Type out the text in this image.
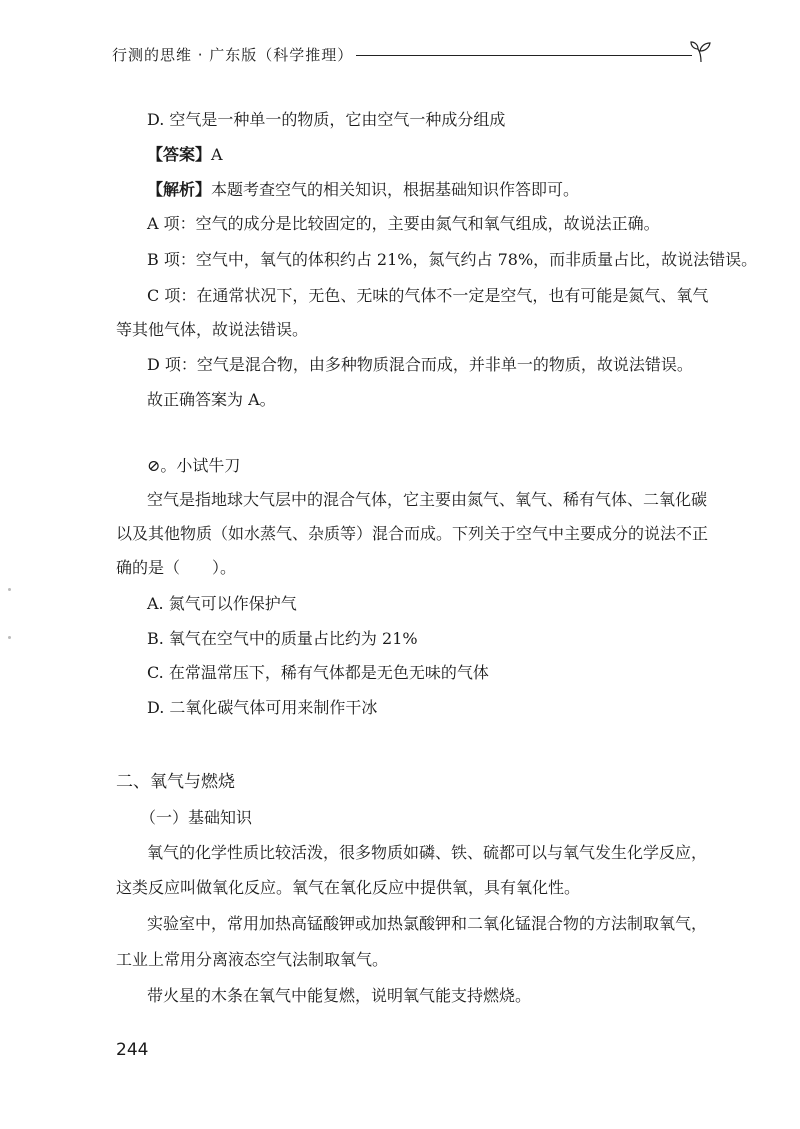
行测的思维 · 广东版（科学推理）
D. 空气是一种单一的物质，它由空气一种成分组成
【答案】A
【解析】本题考查空气的相关知识，根据基础知识作答即可。
A 项：空气的成分是比较固定的，主要由氮气和氧气组成，故说法正确。
B 项：空气中，氧气的体积约占 21%，氮气约占 78%，而非质量占比，故说法错误。
C 项：在通常状况下，无色、无味的气体不一定是空气，也有可能是氮气、氧气
等其他气体，故说法错误。
D 项：空气是混合物，由多种物质混合而成，并非单一的物质，故说法错误。
故正确答案为 A。
⊘。小试牛刀
空气是指地球大气层中的混合气体，它主要由氮气、氧气、稀有气体、二氧化碳
以及其他物质（如水蒸气、杂质等）混合而成。下列关于空气中主要成分的说法不正
确的是（　　）。
A. 氮气可以作保护气
B. 氧气在空气中的质量占比约为 21%
C. 在常温常压下，稀有气体都是无色无味的气体
D. 二氧化碳气体可用来制作干冰
二、氧气与燃烧
（一）基础知识
氧气的化学性质比较活泼，很多物质如磷、铁、硫都可以与氧气发生化学反应，
这类反应叫做氧化反应。氧气在氧化反应中提供氧，具有氧化性。
实验室中，常用加热高锰酸钾或加热氯酸钾和二氧化锰混合物的方法制取氧气，
工业上常用分离液态空气法制取氧气。
带火星的木条在氧气中能复燃，说明氧气能支持燃烧。
244
